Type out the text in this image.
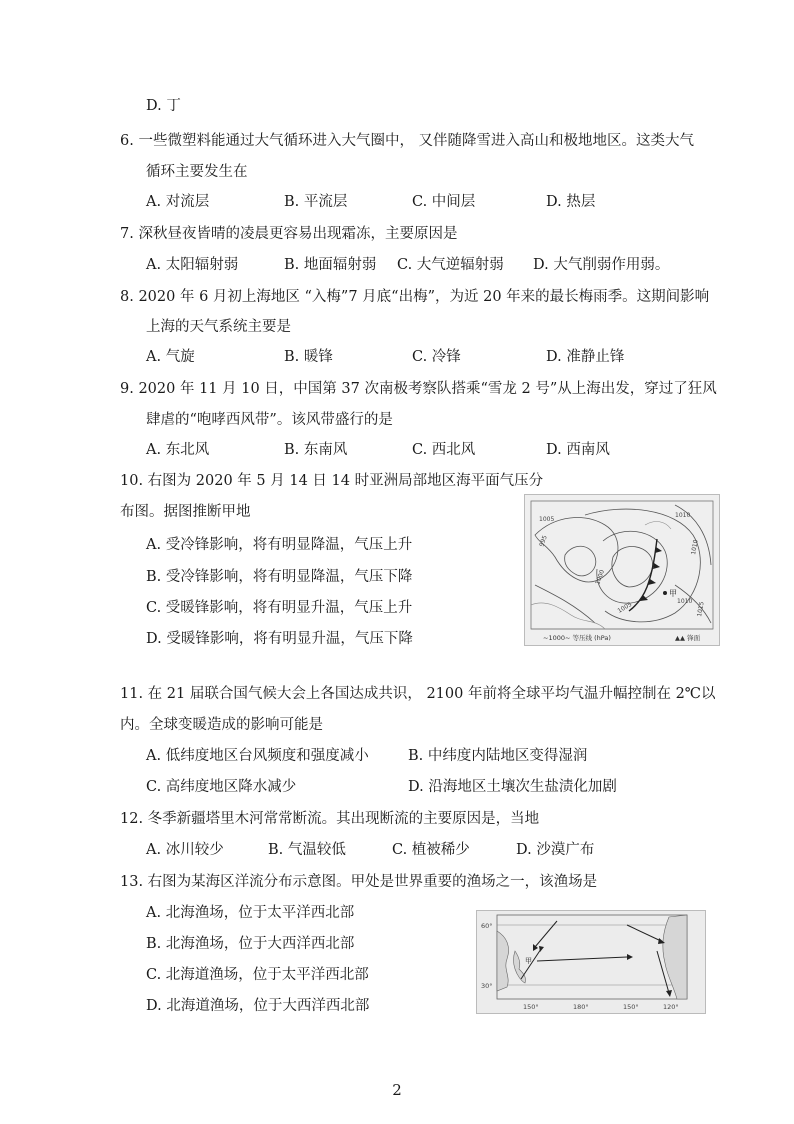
D. 丁
6. 一些微塑料能通过大气循环进入大气圈中， 又伴随降雪进入高山和极地地区。这类大气
循环主要发生在
A. 对流层	B. 平流层	C. 中间层	D. 热层
7. 深秋昼夜皆晴的凌晨更容易出现霜冻，主要原因是
A. 太阳辐射弱	B. 地面辐射弱 C. 大气逆辐射弱 D. 大气削弱作用弱。
8. 2020 年 6 月初上海地区 “入梅”7 月底“出梅”，为近 20 年来的最长梅雨季。这期间影响
上海的天气系统主要是
A. 气旋	B. 暖锋	C. 冷锋	D. 准静止锋
9. 2020 年 11 月 10 日，中国第 37 次南极考察队搭乘“雪龙 2 号”从上海出发，穿过了狂风
肆虐的“咆哮西风带”。该风带盛行的是
A. 东北风	B. 东南风	C. 西北风	D. 西南风
10. 右图为 2020 年 5 月 14 日 14 时亚洲局部地区海平面气压分
布图。据图推断甲地
A. 受冷锋影响，将有明显降温，气压上升
B. 受冷锋影响，将有明显降温，气压下降
C. 受暖锋影响，将有明显升温，气压上升
D. 受暖锋影响，将有明显升温，气压下降
甲
1005
1010
995
1000
1005	1010 1015
1010
~1000~ 等压线 (hPa)	▲▲ 锋面
11. 在 21 届联合国气候大会上各国达成共识， 2100 年前将全球平均气温升幅控制在 2℃以
内。全球变暖造成的影响可能是
A. 低纬度地区台风频度和强度减小	B. 中纬度内陆地区变得湿润
C. 高纬度地区降水减少	D. 沿海地区土壤次生盐渍化加剧
12. 冬季新疆塔里木河常常断流。其出现断流的主要原因是，当地
A. 冰川较少	B. 气温较低	C. 植被稀少	D. 沙漠广布
13. 右图为某海区洋流分布示意图。甲处是世界重要的渔场之一，该渔场是
A. 北海渔场，位于太平洋西北部
B. 北海渔场，位于大西洋西北部
C. 北海道渔场，位于太平洋西北部
D. 北海道渔场，位于大西洋西北部
甲
60°
30°
150°	180°	150°	120°
2
